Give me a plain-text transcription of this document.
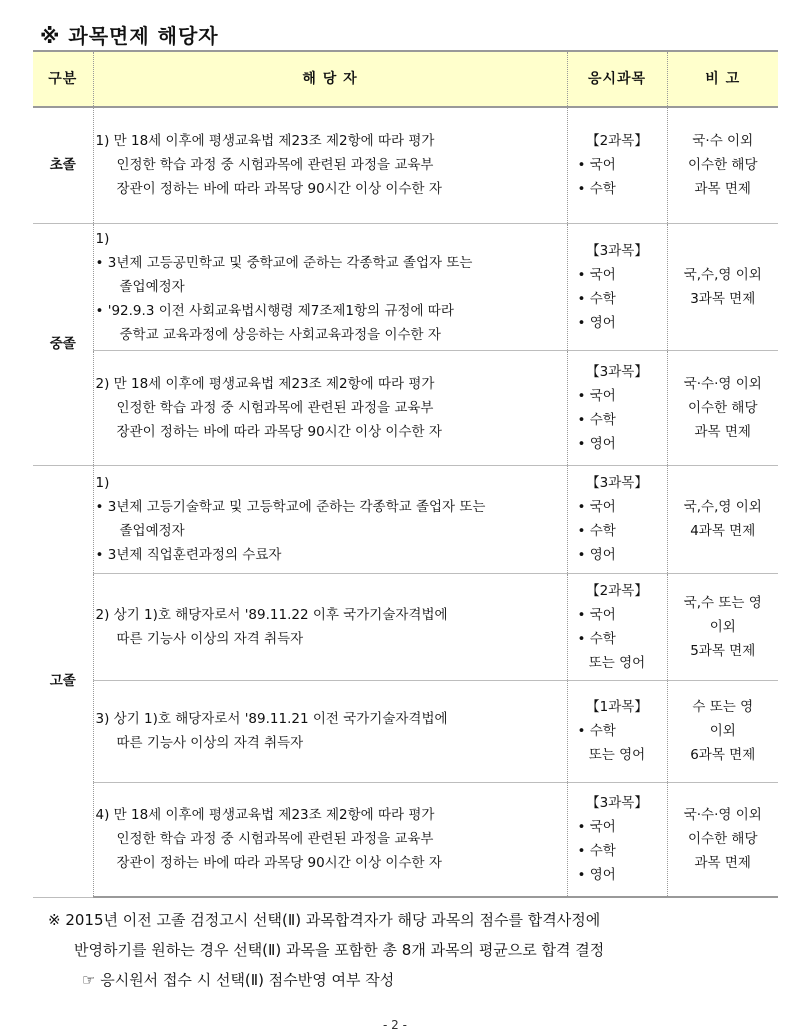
※ 과목면제 해당자
구분	해 당 자	응시과목	비 고
초졸	1) 만 18세 이후에 평생교육법 제23조 제2항에 따라 평가
인정한 학습 과정 중 시험과목에 관련된 과정을 교육부
장관이 정하는 바에 따라 과목당 90시간 이상 이수한 자	【2과목】
• 국어
• 수학	국·수 이외
이수한 해당
과목 면제

중졸	1)
• 3년제 고등공민학교 및 중학교에 준하는 각종학교 졸업자 또는
졸업예정자
• '92.9.3 이전 사회교육법시행령 제7조제1항의 규정에 따라
중학교 교육과정에 상응하는 사회교육과정을 이수한 자	【3과목】
• 국어
• 수학
• 영어	국,수,영 이외
3과목 면제

	2) 만 18세 이후에 평생교육법 제23조 제2항에 따라 평가
인정한 학습 과정 중 시험과목에 관련된 과정을 교육부
장관이 정하는 바에 따라 과목당 90시간 이상 이수한 자	【3과목】
• 국어
• 수학
• 영어	국·수·영 이외
이수한 해당
과목 면제

고졸	1)
• 3년제 고등기술학교 및 고등학교에 준하는 각종학교 졸업자 또는
졸업예정자
• 3년제 직업훈련과정의 수료자	【3과목】
• 국어
• 수학
• 영어	국,수,영 이외
4과목 면제

	2) 상기 1)호 해당자로서 '89.11.22 이후 국가기술자격법에
따른 기능사 이상의 자격 취득자	【2과목】
• 국어
• 수학
또는 영어	국,수 또는 영
이외
5과목 면제

	3) 상기 1)호 해당자로서 '89.11.21 이전 국가기술자격법에
따른 기능사 이상의 자격 취득자	【1과목】
• 수학
또는 영어	수 또는 영
이외
6과목 면제

	4) 만 18세 이후에 평생교육법 제23조 제2항에 따라 평가
인정한 학습 과정 중 시험과목에 관련된 과정을 교육부
장관이 정하는 바에 따라 과목당 90시간 이상 이수한 자	【3과목】
• 국어
• 수학
• 영어	국·수·영 이외
이수한 해당
과목 면제
※ 2015년 이전 고졸 검정고시 선택(Ⅱ) 과목합격자가 해당 과목의 점수를 합격사정에
반영하기를 원하는 경우 선택(Ⅱ) 과목을 포함한 총 8개 과목의 평균으로 합격 결정
☞ 응시원서 접수 시 선택(Ⅱ) 점수반영 여부 작성
- 2 -
